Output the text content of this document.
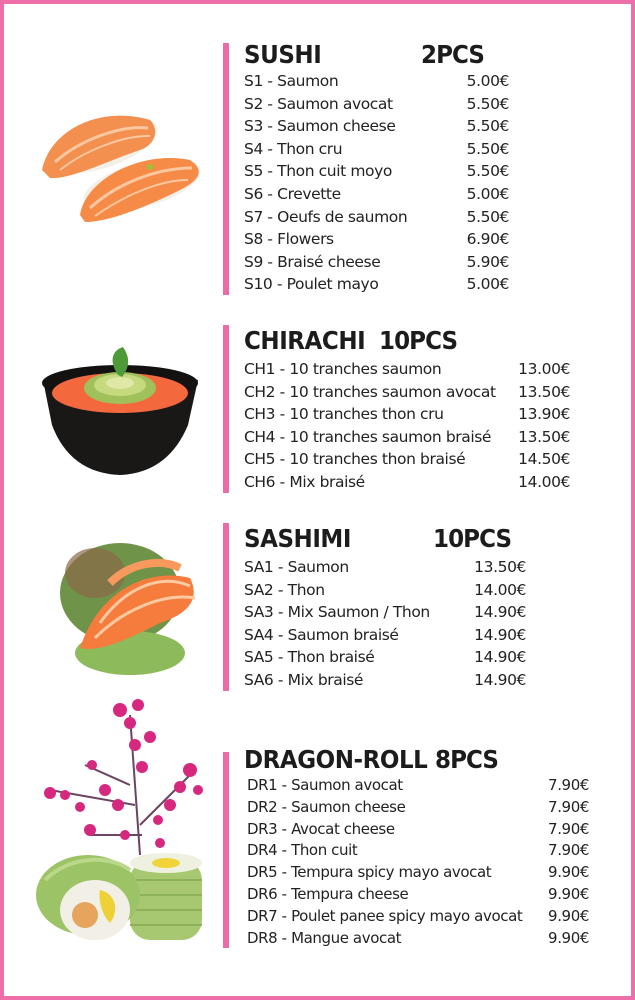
SUSHI	2PCS
S1 - Saumon	5.00€
S2 - Saumon avocat	5.50€
S3 - Saumon cheese	5.50€
S4 - Thon cru	5.50€
S5 - Thon cuit moyo	5.50€
S6 - Crevette	5.00€
S7 - Oeufs de saumon	5.50€
S8 - Flowers	6.90€
S9 - Braisé cheese	5.90€
S10 - Poulet mayo	5.00€
CHIRACHI 10PCS
CH1 - 10 tranches saumon	13.00€
CH2 - 10 tranches saumon avocat 13.50€
CH3 - 10 tranches thon cru	13.90€
CH4 - 10 tranches saumon braisé 13.50€
CH5 - 10 tranches thon braisé	14.50€
CH6 - Mix braisé	14.00€
SASHIMI	10PCS
SA1 - Saumon	13.50€
SA2 - Thon	14.00€
SA3 - Mix Saumon / Thon	14.90€
SA4 - Saumon braisé	14.90€
SA5 - Thon braisé	14.90€
SA6 - Mix braisé	14.90€
DRAGON-ROLL 8PCS
DR1 - Saumon avocat	7.90€
DR2 - Saumon cheese	7.90€
DR3 - Avocat cheese	7.90€
DR4 - Thon cuit	7.90€
DR5 - Tempura spicy mayo avocat	9.90€
DR6 - Tempura cheese	9.90€
DR7 - Poulet panee spicy mayo avocat 9.90€
DR8 - Mangue avocat	9.90€
